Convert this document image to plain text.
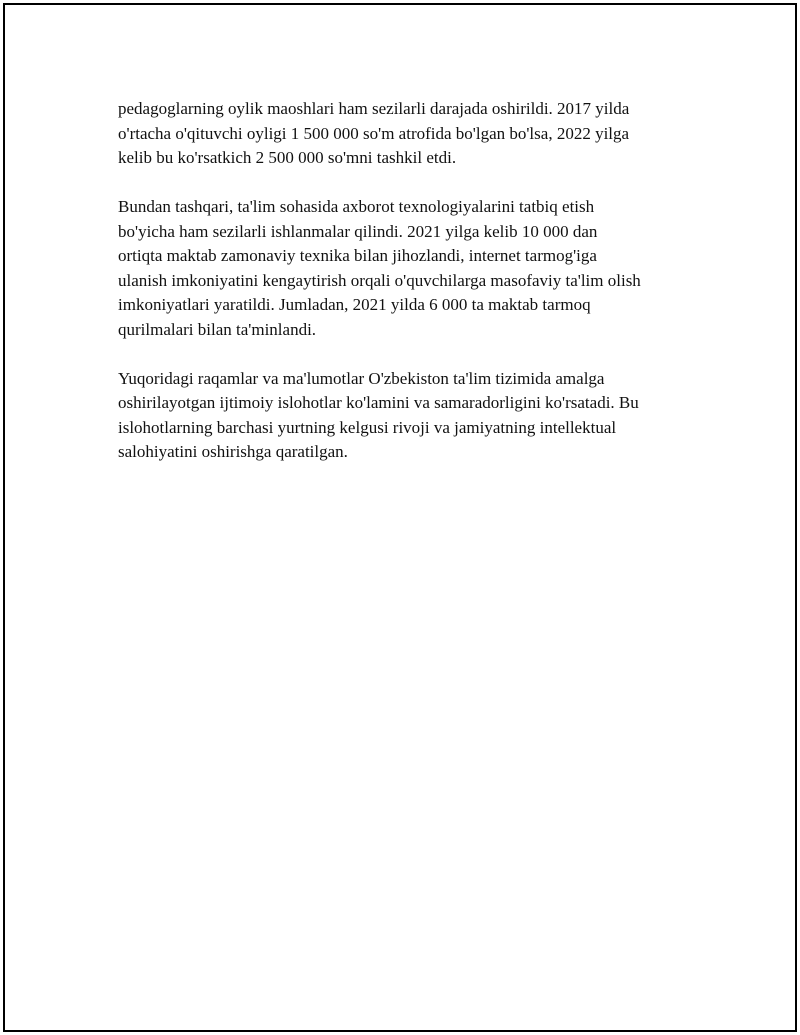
pedagoglarning oylik maoshlari ham sezilarli darajada oshirildi. 2017 yilda
o'rtacha o'qituvchi oyligi 1 500 000 so'm atrofida bo'lgan bo'lsa, 2022 yilga
kelib bu ko'rsatkich 2 500 000 so'mni tashkil etdi.

Bundan tashqari, ta'lim sohasida axborot texnologiyalarini tatbiq etish
bo'yicha ham sezilarli ishlanmalar qilindi. 2021 yilga kelib 10 000 dan
ortiqta maktab zamonaviy texnika bilan jihozlandi, internet tarmog'iga
ulanish imkoniyatini kengaytirish orqali o'quvchilarga masofaviy ta'lim olish
imkoniyatlari yaratildi. Jumladan, 2021 yilda 6 000 ta maktab tarmoq
qurilmalari bilan ta'minlandi.

Yuqoridagi raqamlar va ma'lumotlar O'zbekiston ta'lim tizimida amalga
oshirilayotgan ijtimoiy islohotlar ko'lamini va samaradorligini ko'rsatadi. Bu
islohotlarning barchasi yurtning kelgusi rivoji va jamiyatning intellektual
salohiyatini oshirishga qaratilgan.
